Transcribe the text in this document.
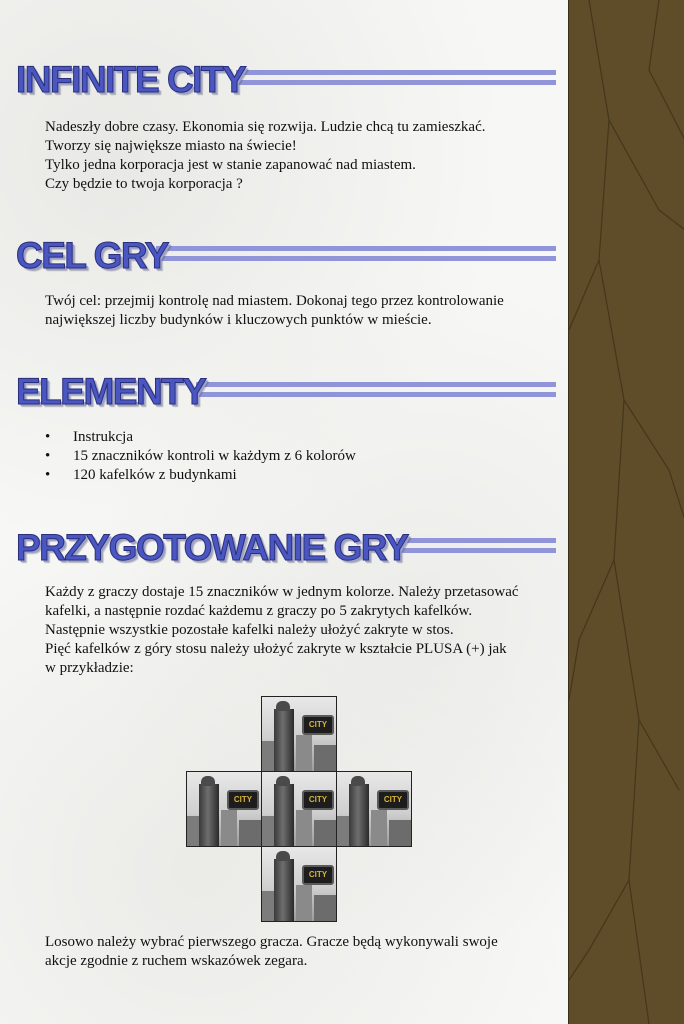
INFINITE CITY

Nadeszły dobre czasy. Ekonomia się rozwija. Ludzie chcą tu zamieszkać.

Tworzy się największe miasto na świecie!

Tylko jedna korporacja jest w stanie zapanować nad miastem.

Czy będzie to twoja korporacja ?

CEL GRY

Twój cel: przejmij kontrolę nad miastem. Dokonaj tego przez kontrolowanie

największej liczby budynków i kluczowych punktów w mieście.

ELEMENTY
• Instrukcja
• 15 znaczników kontroli w każdym z 6 kolorów
• 120 kafelków z budynkami
PRZYGOTOWANIE GRY

Każdy z graczy dostaje 15 znaczników w jednym kolorze. Należy przetasować

kafelki, a następnie rozdać każdemu z graczy po 5 zakrytych kafelków.

Następnie wszystkie pozostałe kafelki należy ułożyć zakryte w stos.

Pięć kafelków z góry stosu należy ułożyć zakryte w kształcie PLUSA (+) jak

w przykładzie:

CITY
CITY	CITY	CITY
CITY

Losowo należy wybrać pierwszego gracza. Gracze będą wykonywali swoje

akcje zgodnie z ruchem wskazówek zegara.
